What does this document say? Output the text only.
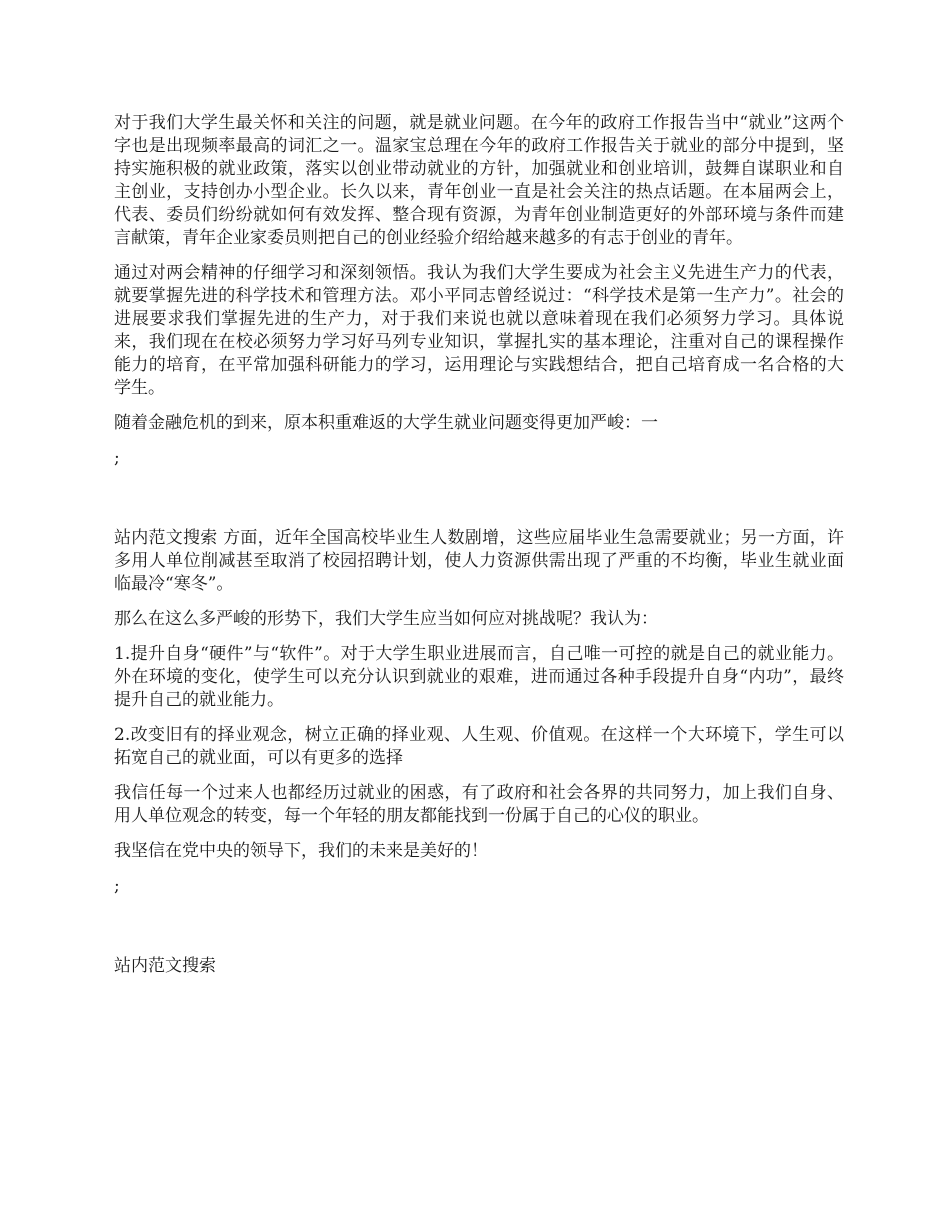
对于我们大学生最关怀和关注的问题，就是就业问题。在今年的政府工作报告当中“就业”这两个字也是出现频率最高的词汇之一。温家宝总理在今年的政府工作报告关于就业的部分中提到，坚持实施积极的就业政策，落实以创业带动就业的方针，加强就业和创业培训，鼓舞自谋职业和自主创业，支持创办小型企业。长久以来，青年创业一直是社会关注的热点话题。在本届两会上，代表、委员们纷纷就如何有效发挥、整合现有资源，为青年创业制造更好的外部环境与条件而建言献策，青年企业家委员则把自己的创业经验介绍给越来越多的有志于创业的青年。

通过对两会精神的仔细学习和深刻领悟。我认为我们大学生要成为社会主义先进生产力的代表，就要掌握先进的科学技术和管理方法。邓小平同志曾经说过：“科学技术是第一生产力”。社会的进展要求我们掌握先进的生产力，对于我们来说也就以意味着现在我们必须努力学习。具体说来，我们现在在校必须努力学习好马列专业知识，掌握扎实的基本理论，注重对自己的课程操作能力的培育，在平常加强科研能力的学习，运用理论与实践想结合，把自己培育成一名合格的大学生。

随着金融危机的到来，原本积重难返的大学生就业问题变得更加严峻：一

;

站内范文搜索 方面，近年全国高校毕业生人数剧增，这些应届毕业生急需要就业；另一方面，许多用人单位削减甚至取消了校园招聘计划，使人力资源供需出现了严重的不均衡，毕业生就业面临最冷“寒冬”。

那么在这么多严峻的形势下，我们大学生应当如何应对挑战呢？我认为：

1.提升自身“硬件”与“软件”。对于大学生职业进展而言，自己唯一可控的就是自己的就业能力。外在环境的变化，使学生可以充分认识到就业的艰难，进而通过各种手段提升自身“内功”，最终提升自己的就业能力。

2.改变旧有的择业观念，树立正确的择业观、人生观、价值观。在这样一个大环境下，学生可以拓宽自己的就业面，可以有更多的选择

我信任每一个过来人也都经历过就业的困惑，有了政府和社会各界的共同努力，加上我们自身、用人单位观念的转变，每一个年轻的朋友都能找到一份属于自己的心仪的职业。

我坚信在党中央的领导下，我们的未来是美好的！

;

站内范文搜索
